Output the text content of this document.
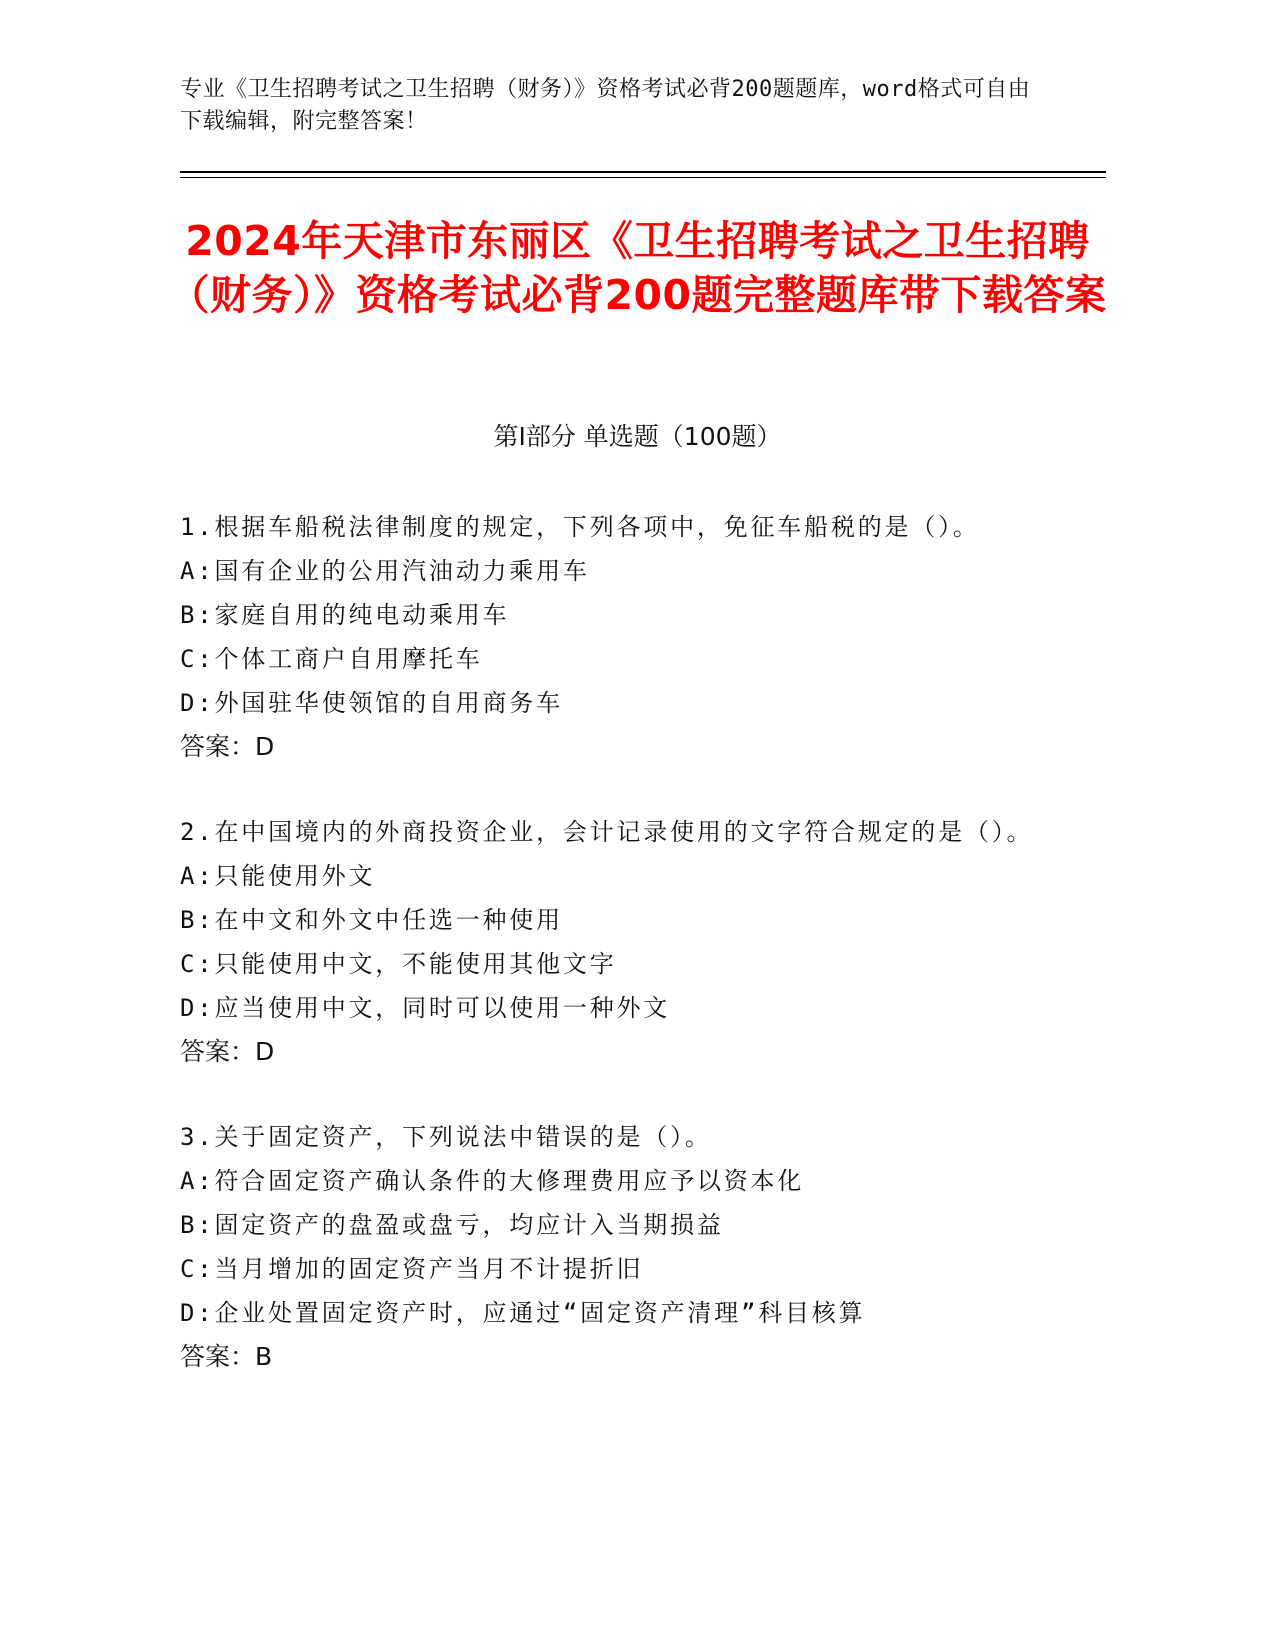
专业《卫生招聘考试之卫生招聘（财务）》资格考试必背200题题库，word格式可自由下载编辑，附完整答案！
2024年天津市东丽区《卫生招聘考试之卫生招聘（财务）》资格考试必背200题完整题库带下载答案
第I部分 单选题（100题）
1.根据车船税法律制度的规定，下列各项中，免征车船税的是（）。
A:国有企业的公用汽油动力乘用车
B:家庭自用的纯电动乘用车
C:个体工商户自用摩托车
D:外国驻华使领馆的自用商务车
答案：D
2.在中国境内的外商投资企业，会计记录使用的文字符合规定的是（）。
A:只能使用外文
B:在中文和外文中任选一种使用
C:只能使用中文，不能使用其他文字
D:应当使用中文，同时可以使用一种外文
答案：D
3.关于固定资产，下列说法中错误的是（）。
A:符合固定资产确认条件的大修理费用应予以资本化
B:固定资产的盘盈或盘亏，均应计入当期损益
C:当月增加的固定资产当月不计提折旧
D:企业处置固定资产时，应通过“固定资产清理”科目核算
答案：B
